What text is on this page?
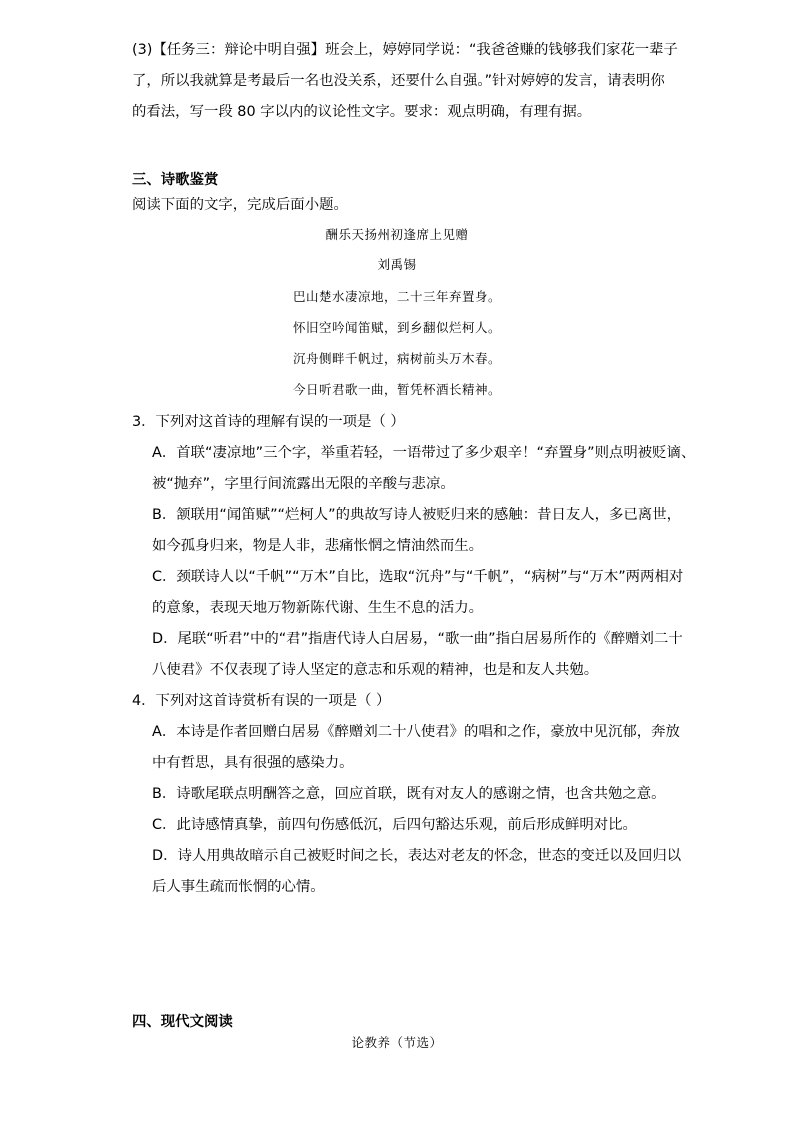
(3)【任务三：辩论中明自强】班会上，婷婷同学说：“我爸爸赚的钱够我们家花一辈子
了，所以我就算是考最后一名也没关系，还要什么自强。”针对婷婷的发言，请表明你
的看法，写一段 80 字以内的议论性文字。要求：观点明确，有理有据。
三、诗歌鉴赏
阅读下面的文字，完成后面小题。
酬乐天扬州初逢席上见赠
刘禹锡
巴山楚水凄凉地，二十三年弃置身。
怀旧空吟闻笛赋，到乡翻似烂柯人。
沉舟侧畔千帆过，病树前头万木春。
今日听君歌一曲，暂凭杯酒长精神。
3．下列对这首诗的理解有误的一项是（ ）
A．首联“凄凉地”三个字，举重若轻，一语带过了多少艰辛！“弃置身”则点明被贬谪、
被“抛弃”，字里行间流露出无限的辛酸与悲凉。
B．颔联用“闻笛赋”“烂柯人”的典故写诗人被贬归来的感触：昔日友人，多已离世，
如今孤身归来，物是人非，悲痛怅惘之情油然而生。
C．颈联诗人以“千帆”“万木”自比，选取“沉舟”与“千帆”，“病树”与“万木”两两相对
的意象，表现天地万物新陈代谢、生生不息的活力。
D．尾联“听君”中的“君”指唐代诗人白居易，“歌一曲”指白居易所作的《醉赠刘二十
八使君》不仅表现了诗人坚定的意志和乐观的精神，也是和友人共勉。
4．下列对这首诗赏析有误的一项是（ ）
A．本诗是作者回赠白居易《醉赠刘二十八使君》的唱和之作，豪放中见沉郁，奔放
中有哲思，具有很强的感染力。
B．诗歌尾联点明酬答之意，回应首联，既有对友人的感谢之情，也含共勉之意。
C．此诗感情真挚，前四句伤感低沉，后四句豁达乐观，前后形成鲜明对比。
D．诗人用典故暗示自己被贬时间之长，表达对老友的怀念，世态的变迁以及回归以
后人事生疏而怅惘的心情。
四、现代文阅读
论教养（节选）
